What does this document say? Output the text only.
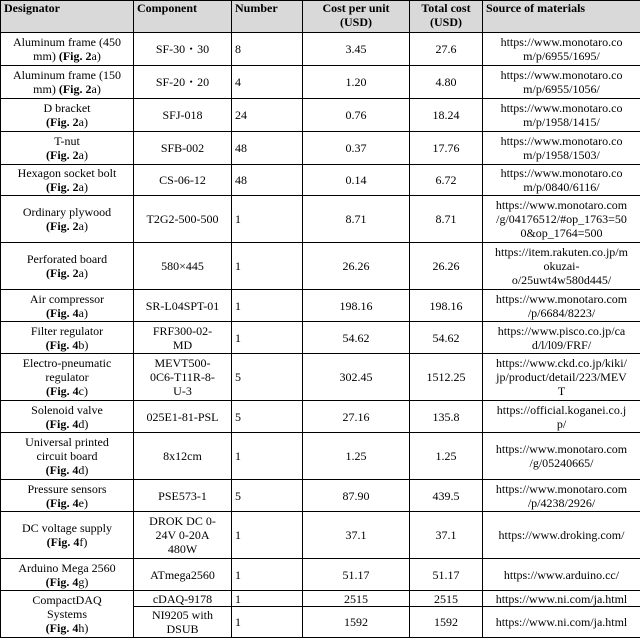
Designator	Component	Number	Cost per unit
(USD)	Total cost
(USD)	Source of materials

Aluminum frame (450
mm) (Fig. 2a)	SF-30・30	8	3.45	27.6	https://www.monotaro.co
m/p/6955/1695/

Aluminum frame (150
mm) (Fig. 2a)	SF-20・20	4	1.20	4.80	https://www.monotaro.co
m/p/6955/1056/

D bracket
(Fig. 2a)	SFJ-018	24	0.76	18.24	https://www.monotaro.co
m/p/1958/1415/

T-nut
(Fig. 2a)	SFB-002	48	0.37	17.76	https://www.monotaro.co
m/p/1958/1503/

Hexagon socket bolt
(Fig. 2a)	CS-06-12	48	0.14	6.72	https://www.monotaro.co
m/p/0840/6116/

Ordinary plywood
(Fig. 2a)	T2G2-500-500	1	8.71	8.71	https://www.monotaro.com
/g/04176512/#op_1763=50
0&op_1764=500

Perforated board
(Fig. 2a)	580×445	1	26.26	26.26	https://item.rakuten.co.jp/m
okuzai-
o/25uwt4w580d445/

Air compressor
(Fig. 4a)	SR-L04SPT-01	1	198.16	198.16	https://www.monotaro.com
/p/6684/8223/

Filter regulator
(Fig. 4b)	FRF300-02-
MD	1	54.62	54.62	https://www.pisco.co.jp/ca
d/l/l09/FRF/

Electro-pneumatic
regulator
(Fig. 4c)	MEVT500-
0C6-T11R-8-
U-3	5	302.45	1512.25	https://www.ckd.co.jp/kiki/
jp/product/detail/223/MEV
T

Solenoid valve
(Fig. 4d)	025E1-81-PSL	5	27.16	135.8	https://official.koganei.co.j
p/

Universal printed
circuit board
(Fig. 4d)	8x12cm	1	1.25	1.25	https://www.monotaro.com
/g/05240665/

Pressure sensors
(Fig. 4e)	PSE573-1	5	87.90	439.5	https://www.monotaro.com
/p/4238/2926/

DC voltage supply
(Fig. 4f)	DROK DC 0-
24V 0-20A
480W	1	37.1	37.1	https://www.droking.com/

Arduino Mega 2560
(Fig. 4g)	ATmega2560	1	51.17	51.17	https://www.arduino.cc/

CompactDAQ
Systems
(Fig. 4h)	cDAQ-9178	1	2515	2515	https://www.ni.com/ja.html

	NI9205 with
DSUB	1	1592	1592	https://www.ni.com/ja.html
